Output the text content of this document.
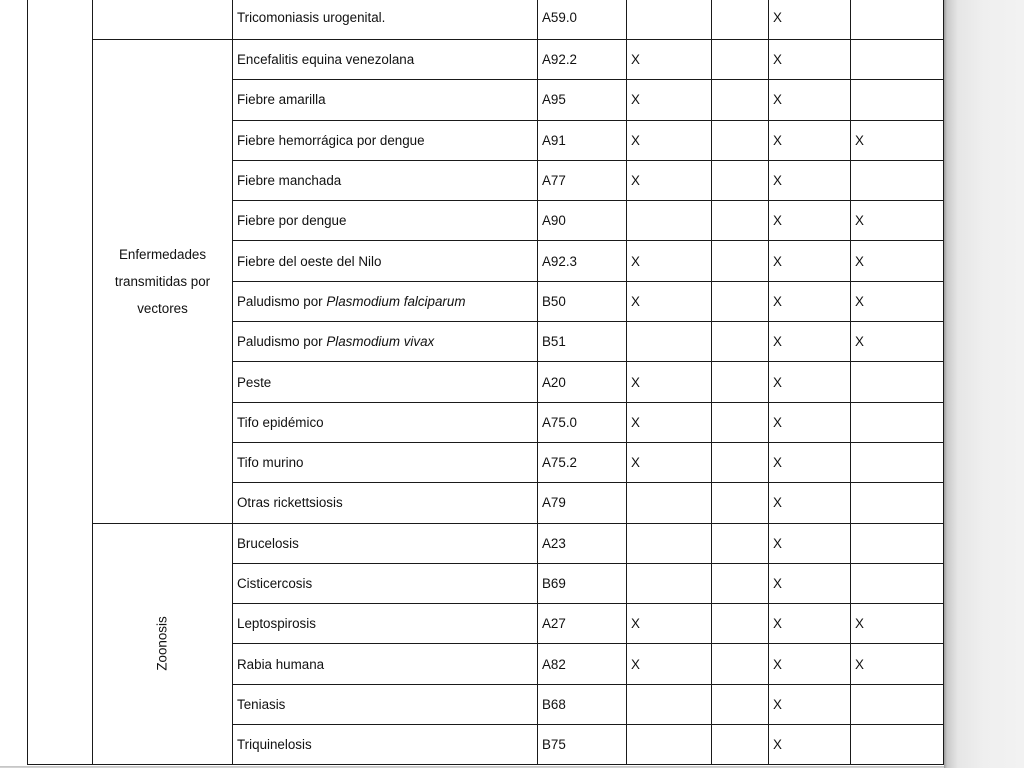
		Tricomoniasis urogenital.	A59.0			X	
	Enfermedades transmitidas por vectores	Encefalitis equina venezolana	A92.2	X		X	
		Fiebre amarilla	A95	X		X	
		Fiebre hemorrágica por dengue	A91	X		X	X
		Fiebre manchada	A77	X		X	
		Fiebre por dengue	A90			X	X
		Fiebre del oeste del Nilo	A92.3	X		X	X
		Paludismo por Plasmodium falciparum	B50	X		X	X
		Paludismo por Plasmodium vivax	B51			X	X
		Peste	A20	X		X	
		Tifo epidémico	A75.0	X		X	
		Tifo murino	A75.2	X		X	
		Otras rickettsiosis	A79			X	
	Zoonosis	Brucelosis	A23			X	
		Cisticercosis	B69			X	
		Leptospirosis	A27	X		X	X
		Rabia humana	A82	X		X	X
		Teniasis	B68			X	
		Triquinelosis	B75			X	
